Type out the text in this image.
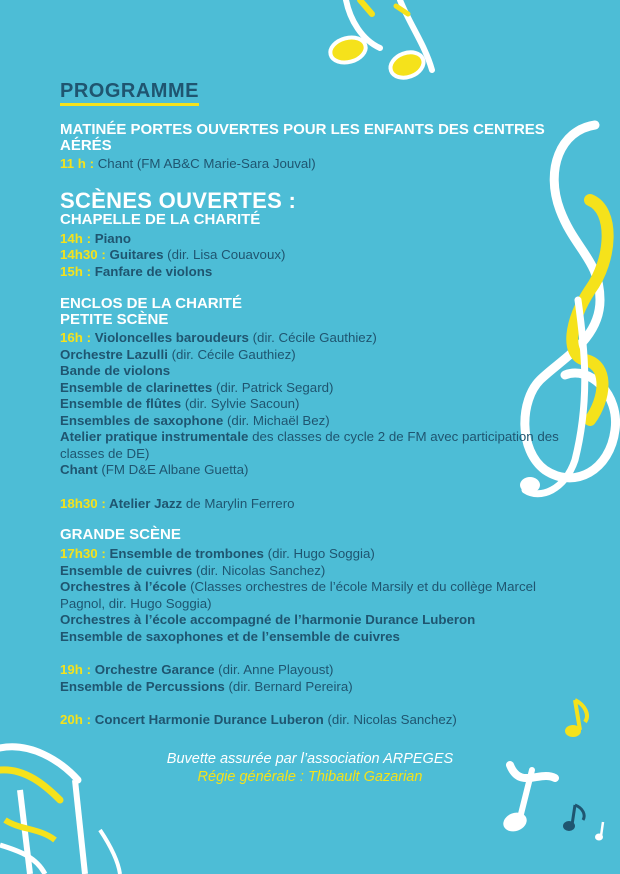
PROGRAMME

MATINÉE PORTES OUVERTES POUR LES ENFANTS DES CENTRES AÉRÉS

11 h : Chant (FM AB&C Marie-Sara Jouval)

SCÈNES OUVERTES :

CHAPELLE DE LA CHARITÉ

14h : Piano

14h30 : Guitares (dir. Lisa Couavoux)

15h : Fanfare de violons

ENCLOS DE LA CHARITÉ

PETITE SCÈNE

16h : Violoncelles baroudeurs (dir. Cécile Gauthiez)

Orchestre Lazulli (dir. Cécile Gauthiez)

Bande de violons

Ensemble de clarinettes (dir. Patrick Segard)

Ensemble de flûtes (dir. Sylvie Sacoun)

Ensembles de saxophone (dir. Michaël Bez)

Atelier pratique instrumentale des classes de cycle 2 de FM avec participation des classes de DE)

Chant (FM D&E Albane Guetta)

18h30 : Atelier Jazz de Marylin Ferrero

GRANDE SCÈNE

17h30 : Ensemble de trombones (dir. Hugo Soggia)

Ensemble de cuivres (dir. Nicolas Sanchez)

Orchestres à l’école (Classes orchestres de l’école Marsily et du collège Marcel Pagnol, dir. Hugo Soggia)

Orchestres à l’école accompagné de l’harmonie Durance Luberon

Ensemble de saxophones et de l’ensemble de cuivres

19h : Orchestre Garance (dir. Anne Playoust)

Ensemble de Percussions (dir. Bernard Pereira)

20h : Concert Harmonie Durance Luberon (dir. Nicolas Sanchez)

Buvette assurée par l’association ARPEGES

Régie générale : Thibault Gazarian
